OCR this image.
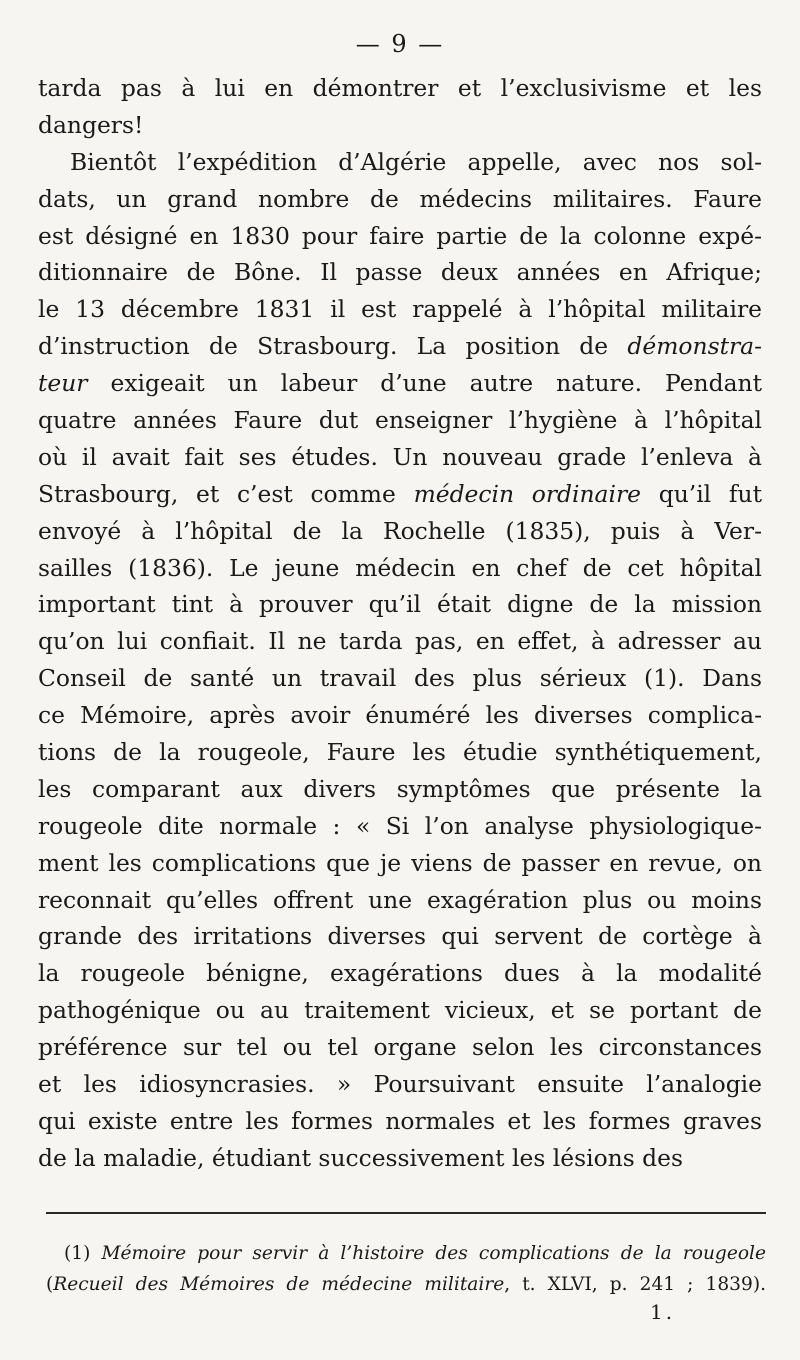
— 9 —
tarda pas à lui en démontrer et l’exclusivisme et les
dangers!
Bientôt l’expédition d’Algérie appelle, avec nos sol-
dats, un grand nombre de médecins militaires. Faure
est désigné en 1830 pour faire partie de la colonne expé-
ditionnaire de Bône. Il passe deux années en Afrique;
le 13 décembre 1831 il est rappelé à l’hôpital militaire
d’instruction de Strasbourg. La position de démonstra-
teur exigeait un labeur d’une autre nature. Pendant
quatre années Faure dut enseigner l’hygiène à l’hôpital
où il avait fait ses études. Un nouveau grade l’enleva à
Strasbourg, et c’est comme médecin ordinaire qu’il fut
envoyé à l’hôpital de la Rochelle (1835), puis à Ver-
sailles (1836). Le jeune médecin en chef de cet hôpital
important tint à prouver qu’il était digne de la mission
qu’on lui confiait. Il ne tarda pas, en effet, à adresser au
Conseil de santé un travail des plus sérieux (1). Dans
ce Mémoire, après avoir énuméré les diverses complica-
tions de la rougeole, Faure les étudie synthétiquement,
les comparant aux divers symptômes que présente la
rougeole dite normale : « Si l’on analyse physiologique-
ment les complications que je viens de passer en revue, on
reconnait qu’elles offrent une exagération plus ou moins
grande des irritations diverses qui servent de cortège à
la rougeole bénigne, exagérations dues à la modalité
pathogénique ou au traitement vicieux, et se portant de
préférence sur tel ou tel organe selon les circonstances
et les idiosyncrasies. » Poursuivant ensuite l’analogie
qui existe entre les formes normales et les formes graves
de la maladie, étudiant successivement les lésions des
(1) Mémoire pour servir à l’histoire des complications de la rougeole
(Recueil des Mémoires de médecine militaire, t. XLVI, p. 241 ; 1839).
1.
